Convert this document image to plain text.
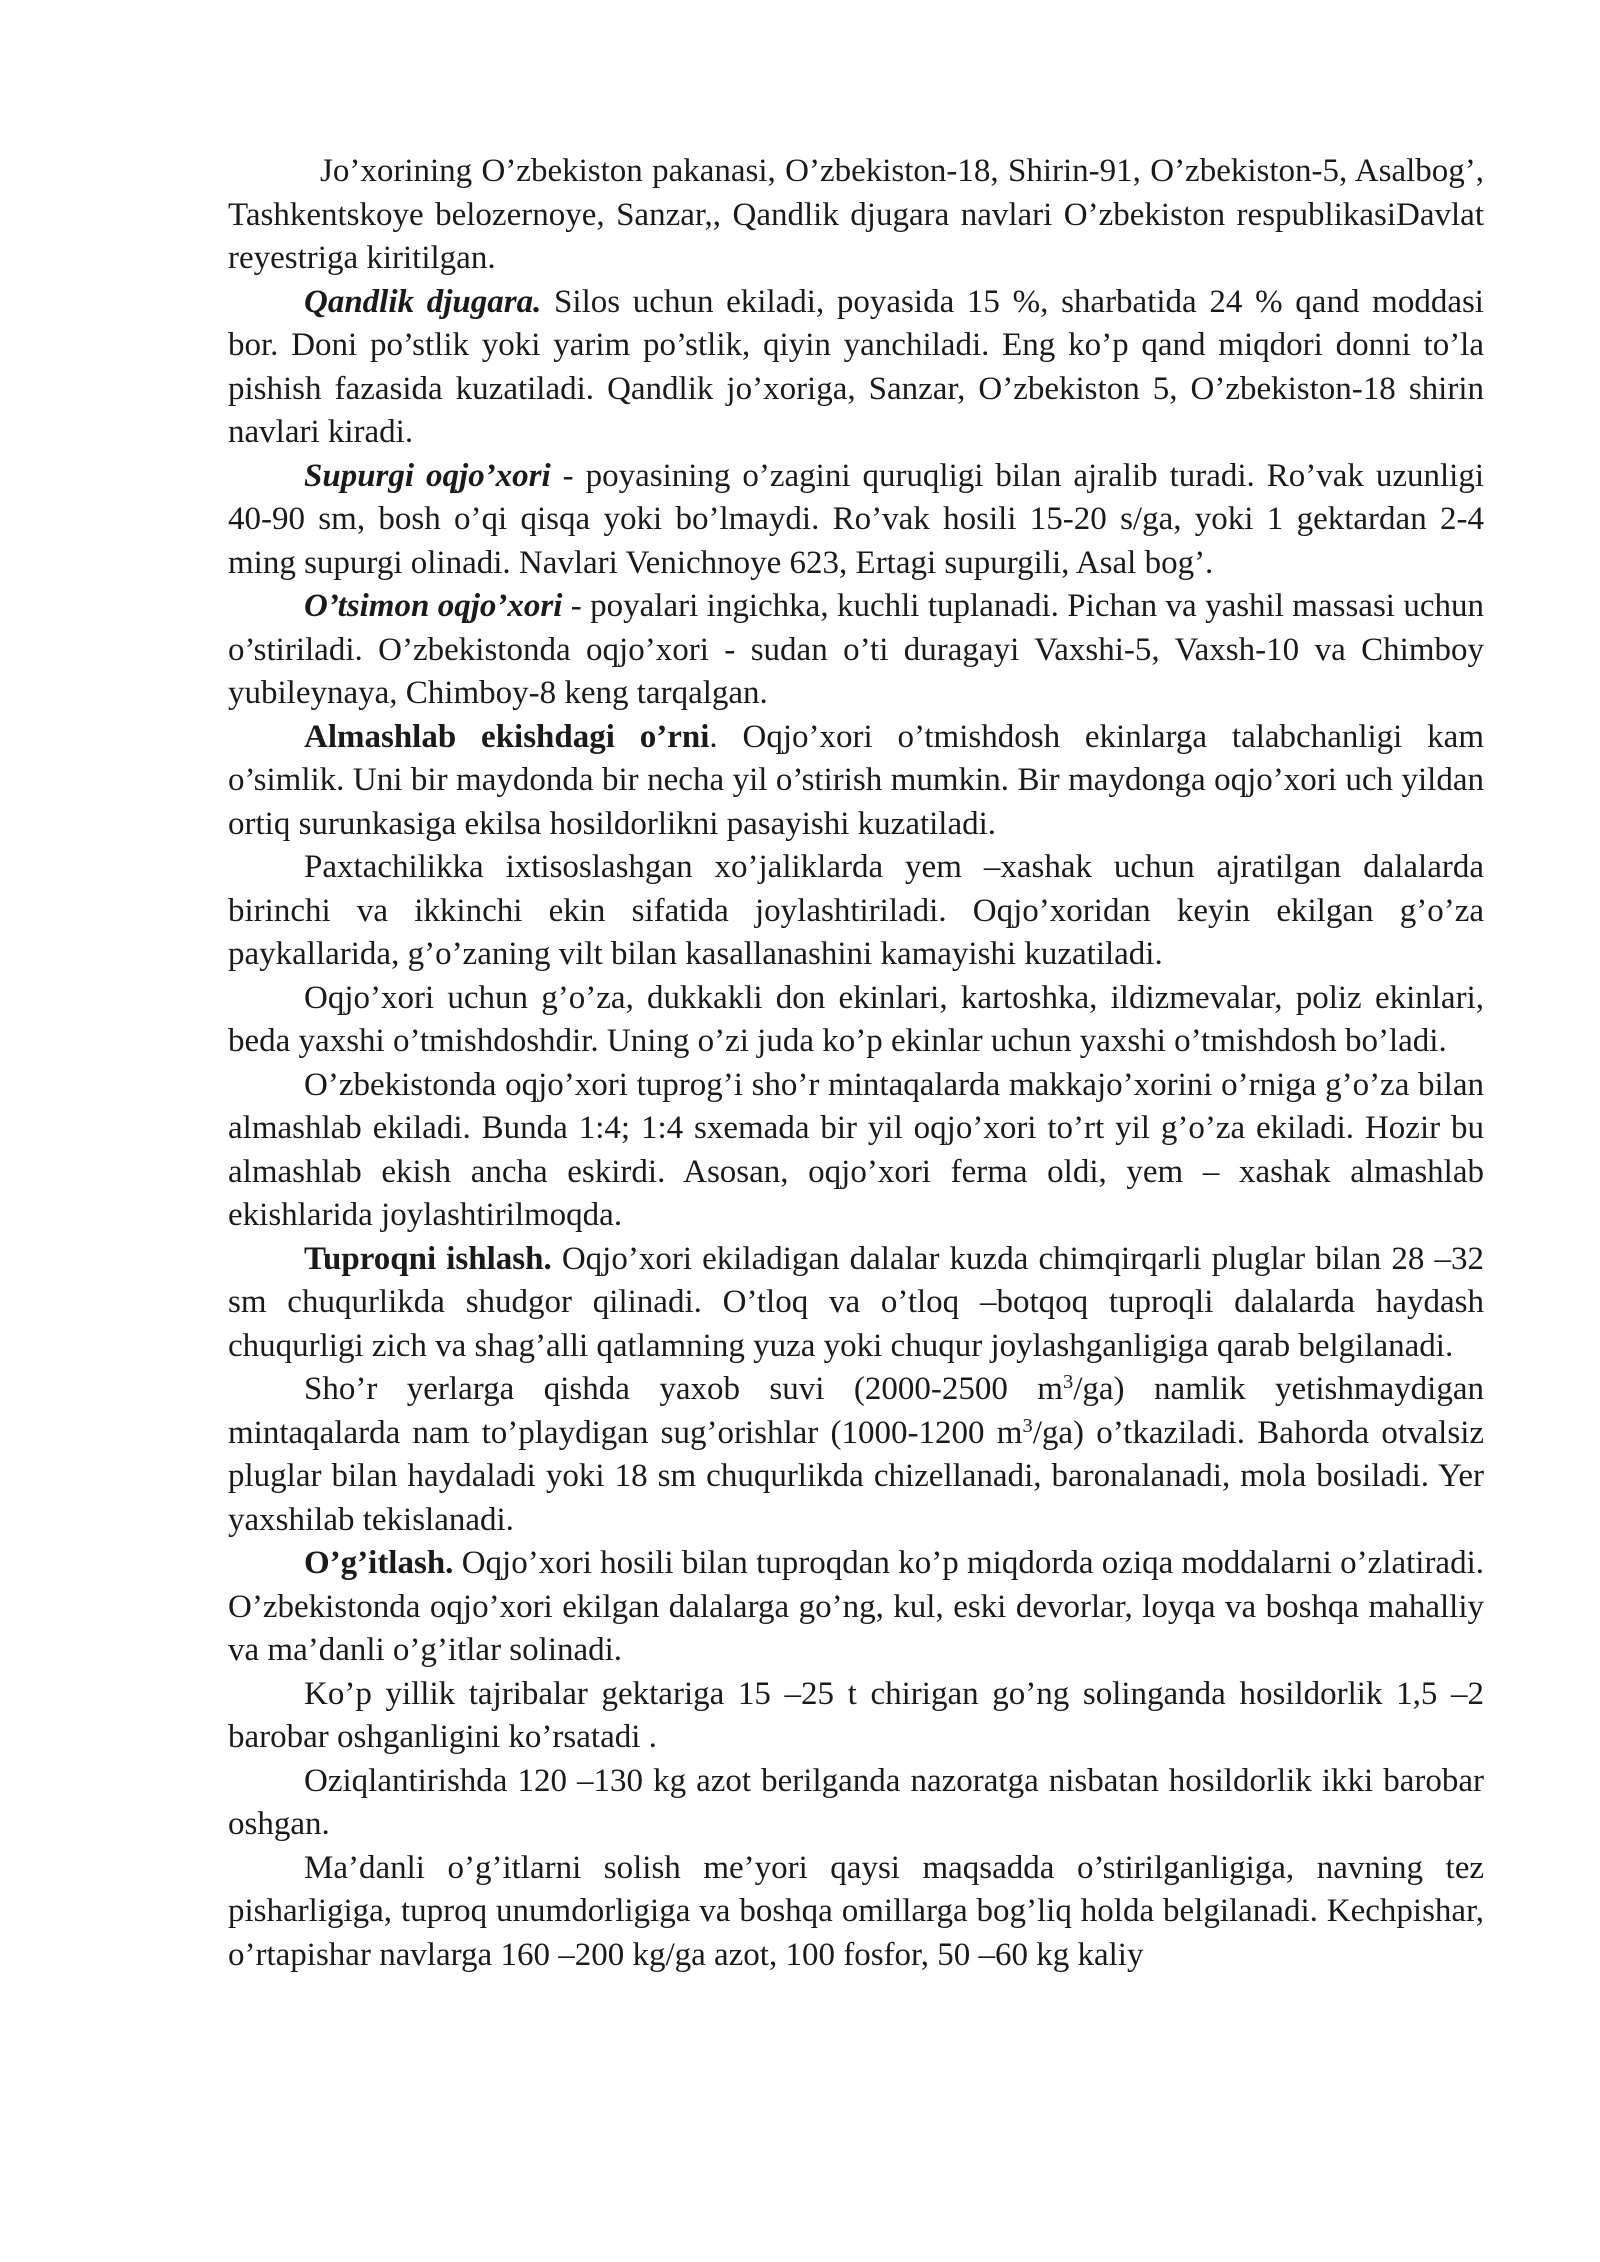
Jo’xorining O’zbekiston pakanasi, O’zbekiston-18, Shirin-91, O’zbekiston-5, Asalbog’, Tashkentskoye belozernoye, Sanzar,, Qandlik djugara navlari O’zbekiston respublikasiDavlat reyestriga kiritilgan.

Qandlik djugara. Silos uchun ekiladi, poyasida 15 %, sharbatida 24 % qand moddasi bor. Doni po’stlik yoki yarim po’stlik, qiyin yanchiladi. Eng ko’p qand miqdori donni to’la pishish fazasida kuzatiladi. Qandlik jo’xoriga, Sanzar, O’zbekiston 5, O’zbekiston-18 shirin navlari kiradi.

Supurgi oqjo’xori - poyasining o’zagini quruqligi bilan ajralib turadi. Ro’vak uzunligi 40-90 sm, bosh o’qi qisqa yoki bo’lmaydi. Ro’vak hosili 15-20 s/ga, yoki 1 gektardan 2-4 ming supurgi olinadi. Navlari Venichnoye 623, Ertagi supurgili, Asal bog’.

O’tsimon oqjo’xori - poyalari ingichka, kuchli tuplanadi. Pichan va yashil massasi uchun o’stiriladi. O’zbekistonda oqjo’xori - sudan o’ti duragayi Vaxshi-5, Vaxsh-10 va Chimboy yubileynaya, Chimboy-8 keng tarqalgan.

Almashlab ekishdagi o’rni. Oqjo’xori o’tmishdosh ekinlarga talabchanligi kam o’simlik. Uni bir maydonda bir necha yil o’stirish mumkin. Bir maydonga oqjo’xori uch yildan ortiq surunkasiga ekilsa hosildorlikni pasayishi kuzatiladi.

Paxtachilikka ixtisoslashgan xo’jaliklarda yem –xashak uchun ajratilgan dalalarda birinchi va ikkinchi ekin sifatida joylashtiriladi. Oqjo’xoridan keyin ekilgan g’o’za paykallarida, g’o’zaning vilt bilan kasallanashini kamayishi kuzatiladi.

Oqjo’xori uchun g’o’za, dukkakli don ekinlari, kartoshka, ildizmevalar, poliz ekinlari, beda yaxshi o’tmishdoshdir. Uning o’zi juda ko’p ekinlar uchun yaxshi o’tmishdosh bo’ladi.

O’zbekistonda oqjo’xori tuprog’i sho’r mintaqalarda makkajo’xorini o’rniga g’o’za bilan almashlab ekiladi. Bunda 1:4; 1:4 sxemada bir yil oqjo’xori to’rt yil g’o’za ekiladi. Hozir bu almashlab ekish ancha eskirdi. Asosan, oqjo’xori ferma oldi, yem – xashak almashlab ekishlarida joylashtirilmoqda.

Tuproqni ishlash. Oqjo’xori ekiladigan dalalar kuzda chimqirqarli pluglar bilan 28 –32 sm chuqurlikda shudgor qilinadi. O’tloq va o’tloq –botqoq tuproqli dalalarda haydash chuqurligi zich va shag’alli qatlamning yuza yoki chuqur joylashganligiga qarab belgilanadi.

Sho’r yerlarga qishda yaxob suvi (2000-2500 $m^3/ga$) namlik yetishmaydigan mintaqalarda nam to’playdigan sug’orishlar (1000-1200 $m^3/ga$) o’tkaziladi. Bahorda otvalsiz pluglar bilan haydaladi yoki 18 sm chuqurlikda chizellanadi, baronalanadi, mola bosiladi. Yer yaxshilab tekislanadi.

O’g’itlash. Oqjo’xori hosili bilan tuproqdan ko’p miqdorda oziqa moddalarni o’zlatiradi. O’zbekistonda oqjo’xori ekilgan dalalarga go’ng, kul, eski devorlar, loyqa va boshqa mahalliy va ma’danli o’g’itlar solinadi.

Ko’p yillik tajribalar gektariga 15 –25 t chirigan go’ng solinganda hosildorlik 1,5 –2 barobar oshganligini ko’rsatadi .

Oziqlantirishda 120 –130 kg azot berilganda nazoratga nisbatan hosildorlik ikki barobar oshgan.

Ma’danli o’g’itlarni solish me’yori qaysi maqsadda o’stirilganligiga, navning tez pisharligiga, tuproq unumdorligiga va boshqa omillarga bog’liq holda belgilanadi. Kechpishar, o’rtapishar navlarga 160 –200 kg/ga azot, 100 fosfor, 50 –60 kg kaliy
